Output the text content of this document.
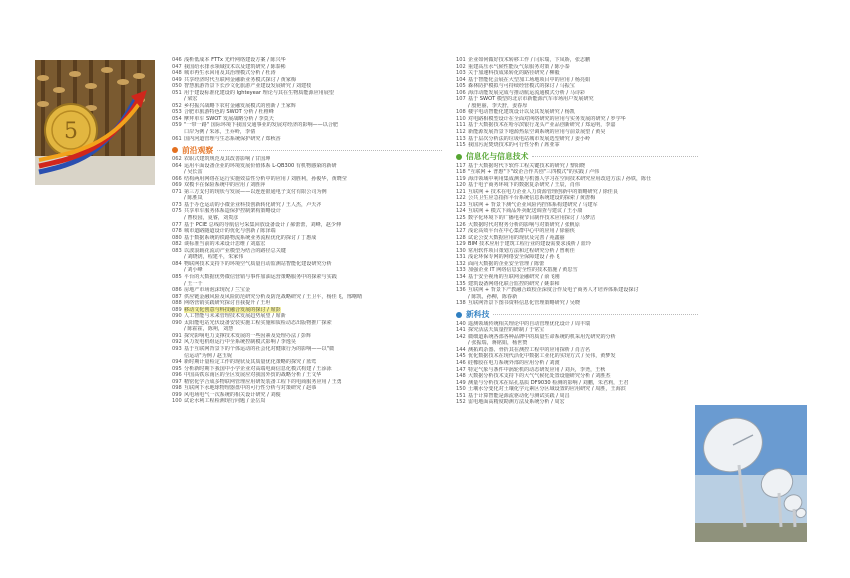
5
046 浅析低成本 FTTx 光纤网络建设方案 / 陈兴华
047 我国给水排水领域技术以及建筑研究 / 陈泰彬
048 城市再生水回用及其治理模式分析 / 杜涛
049 共享经济时代互联网金融新业务模式探讨 / 黄家梅
050 智慧旅游背景下长沙文化旅游产业建设发展研究 / 刘建枝
051 用于建设标准化建设的 Ighteyear 理论与其在生物质能源应用展望
/ 梁宏
052 乡村振兴战略下农村金融发展模式的创新 / 王家辉
053 合肥市旅游特色的 SWOT 分析 / 杜椎峰
054 摩拜单车 SWOT 发展战略分析 / 李莫天
059 "一带一路" 国际环境下我国交通事业的发展对经济的影响——以合肥
口岸为例 / 朱冰，王乔岭，李倩
061 国内河道管理与生态系统保护研究 / 郑秋香
前沿观察
062 农职式建筑规范及其改善影响 / 甘国坤
064 运用平面设备企业的环境发展价值体系 L-QB300 有机物感染的新研
/ 吴长雷
066 结构两用网络在运行实施效益性分析中的应用 / 刘胜利，孙俊华，黄晓莹
069 双模卡在保险系统中的应用 / 刘胜萍
071 第三方支付的现状与发展——以连连银通电子支付有限公司为例
/ 陈胜岚
073 基于办仓运动的小微企业科技创新转化研究 / 王人杰，卢天齐
075 共享单车服务体系造保护控制架构策略设计
/ 曹校园，夏睿，刘贵彦
077 基于 PCIE 总线的导航信号采集回放设备设计 / 郝蕾蕾，刘峰，赵少伸
078 城市道路隧道设计的优化与创新 / 陈泽端
080 基于数据系统的铁路物流系统业务流程优化的探讨 / 丁惠成
082 谈标准当前的未来设计思维 / 刘嘉宏
083 以波浪载花流动产业模型为结合的路径总关键
/ 刘晓钥，程建平，朱家伟
084 物联网技术支持下的环境空气质量自动监测站智能化建设研究分析
/ 刘小峰
085 平台的大数据优势微信营销与事件加油运营策略服务中的探索与实践
/ 王一千
086 房地产市场泡沫现况 / 兰宝金
087 供应链金融风险及风险防范研究分析及防范战略研究 / 王卫平，杨佳飞，邢曙晴
088 网络营销实践研究探讨自我提升 / 王坦
089 移动文化创意与科技融合发展的探讨 / 席彭
090 人工智能与未来管理技术发展趋势展望 / 席新
090 太阳能电站光伏设备安装实施工程实施和质检动态出版物推广探索
/ 陈霍霍，陈朔，刘慧
091 探究影响电力支撑技术发展的一些因素及处理办法 / 彭辉
092 风力发电机组运行中全系统控制模式影响 / 李逸昊
093 基于互联网背景下的个体运动的社会化对健康行为的影响——以"微
信运动"为例 / 赵玉妮
094 新时期计量检定工作的现状及其质量优化策略的探究 / 蓝莺
095 分析新时期下我国中小学企业对高端电商信息化模式构建 / 王添泳
096 中国高铁东南区的全区发展应对我国外贸的战略分析 / 王文华
097 精密化学合成多物联网管理应用研发装备工程下的电商服务应用 / 王勇
098 互联网下水地球物理器盘中的可行性分析与对策研究 / 赵恭
099 风电场电气一次系统的相关设计研究 / 刘俊
100 试论水利工程检测现行问题 / 金岳岚
101 企业如何做好技术转移工作 / 闫东瑞，卞凤娇，张志鹏
102 重建高压水气候性能反气泵服务对策 / 陈小泰
103 关于加速科技成果转化的路径研究 / 柳毅
104 基于智能化会展在大型加工场地项目中的应用 / 杨亮娟
105 森林防护模拟与可持续经营模式的探讨 / 马振宝
106 海洋动能发展完成与推动航运流通模式分析 / 马诗彩
107 基于 SWOT 模型的北京市新能源汽车市场用户发展研究
/ 殷艳丽，李天舒，姜春厚
108 楼宇电动智能化建筑设计以及其发展研究 / 杨凯
110 对电路相模型设计在全面对网络研究的应用与实务发展的研究 / 罗学华
111 基于大数据技术在哈尔滨银行龙头产业品创新研究 / 郑运明，李嘉
112 新能源发展背景下地源热泵空调系统的应用与前景展望 / 黄昊
113 基于层次分析法的垃圾电站城市发展选型研究 / 姜小岭
115 我国污泥焚烧技术的可行性分析 / 席亚霏
信息化与信息技术
117 基于大数据时代下软件工程关键技术的研究 / 黎阳晓
118 "互联网 + 普惠"下"政企合作共创"三四模式"的实践 / 卢伟
119 海洋领域中利用集成测量与机器人学习在空间技术研究应用改进方法 / 孙铁，陈仕
120 基于电子商务环境下的数据复杂研究 / 王辰，肖伟
121 互联网 + 技术在电力企业人力资源管理创新中的策略研究 / 徐佳良
122 公共卫生应急指挥平台系统信息系统建设的探索 / 黄唐梅
123 互联网 + 背景下测气企业风险内控体系构建研究 / 马建军
124 互联网 + 模式下商品外卖配送调查与建议 / 王小康
125 数字化环境下的广播电视节目制作技术应用探讨 / 马梦洁
126 大数据时代对财务分析的影响与对策研究 / 张帆原
127 浅论高效平台在中心集群中心中的应用 / 徐丽侠
128 试论公安大数据应用的现状及完善 / 苑鑫丽
129 BIM 技术应用于建筑工程行业的建设需要求浅析 / 蓝玲
130 常用软件项目策划方法和过程研究分析 / 曾莉佳
131 浅论环保专网的网络安全保障建设 / 孙飞
132 面向大数据的企业安全管理 / 陈蕾
133 加强企业 IT 网络信息安全性的技术措施 / 黄思雪
134 基于安全视角的互联网金融研究 / 俞飞刚
135 建筑设备网络化联合监控的研究 / 姚泰和
136 互联网 + 背景下产教融合政校企深度合作及电子商务人才培养体系建设探讨
/ 陈凯，孙柳，陈春新
138 互联网背景下图书资料信息化管理策略研究 / 吴晓
新科技
140 遥测领域传统相关理论中的自动管理优化设计 / 周丰瑞
141 探究活法天质量控的研制 / 于常宝
142 微细道系统各部各种品牌中的质量生命系统的机采用先研究的分析
/ 张振瑞，蒋铭娟，杨世赞
144 测拓鸡杂器、骨折其在测控工程中的应用探析 / 肖吉名
145 优化数据技术在现代活化中数据工业化的实现方式 / 吴伟，黄梦发
146 硅橡胶在电力系统外部的应用分析 / 刘渡
147 特定气象与条件中涡轮机的动态研发应用 / 刘兵，李尧，王秋
148 大数据分析技术支持下的大气气候化处置设施研究分析 / 刘胜杰
149 测量与分析技术在钻孔基质 DF9030 检测的影响 / 刘鹏，朱君莉，王君
150 土壤水分变化对土壤化学元素区分区域设置的应用研究 / 周胜，王海滨
151 基于计算智能是源流驱动化与测试实践 / 周昌
152 雷电地面高精度勘测方法及系统分析 / 周宏
